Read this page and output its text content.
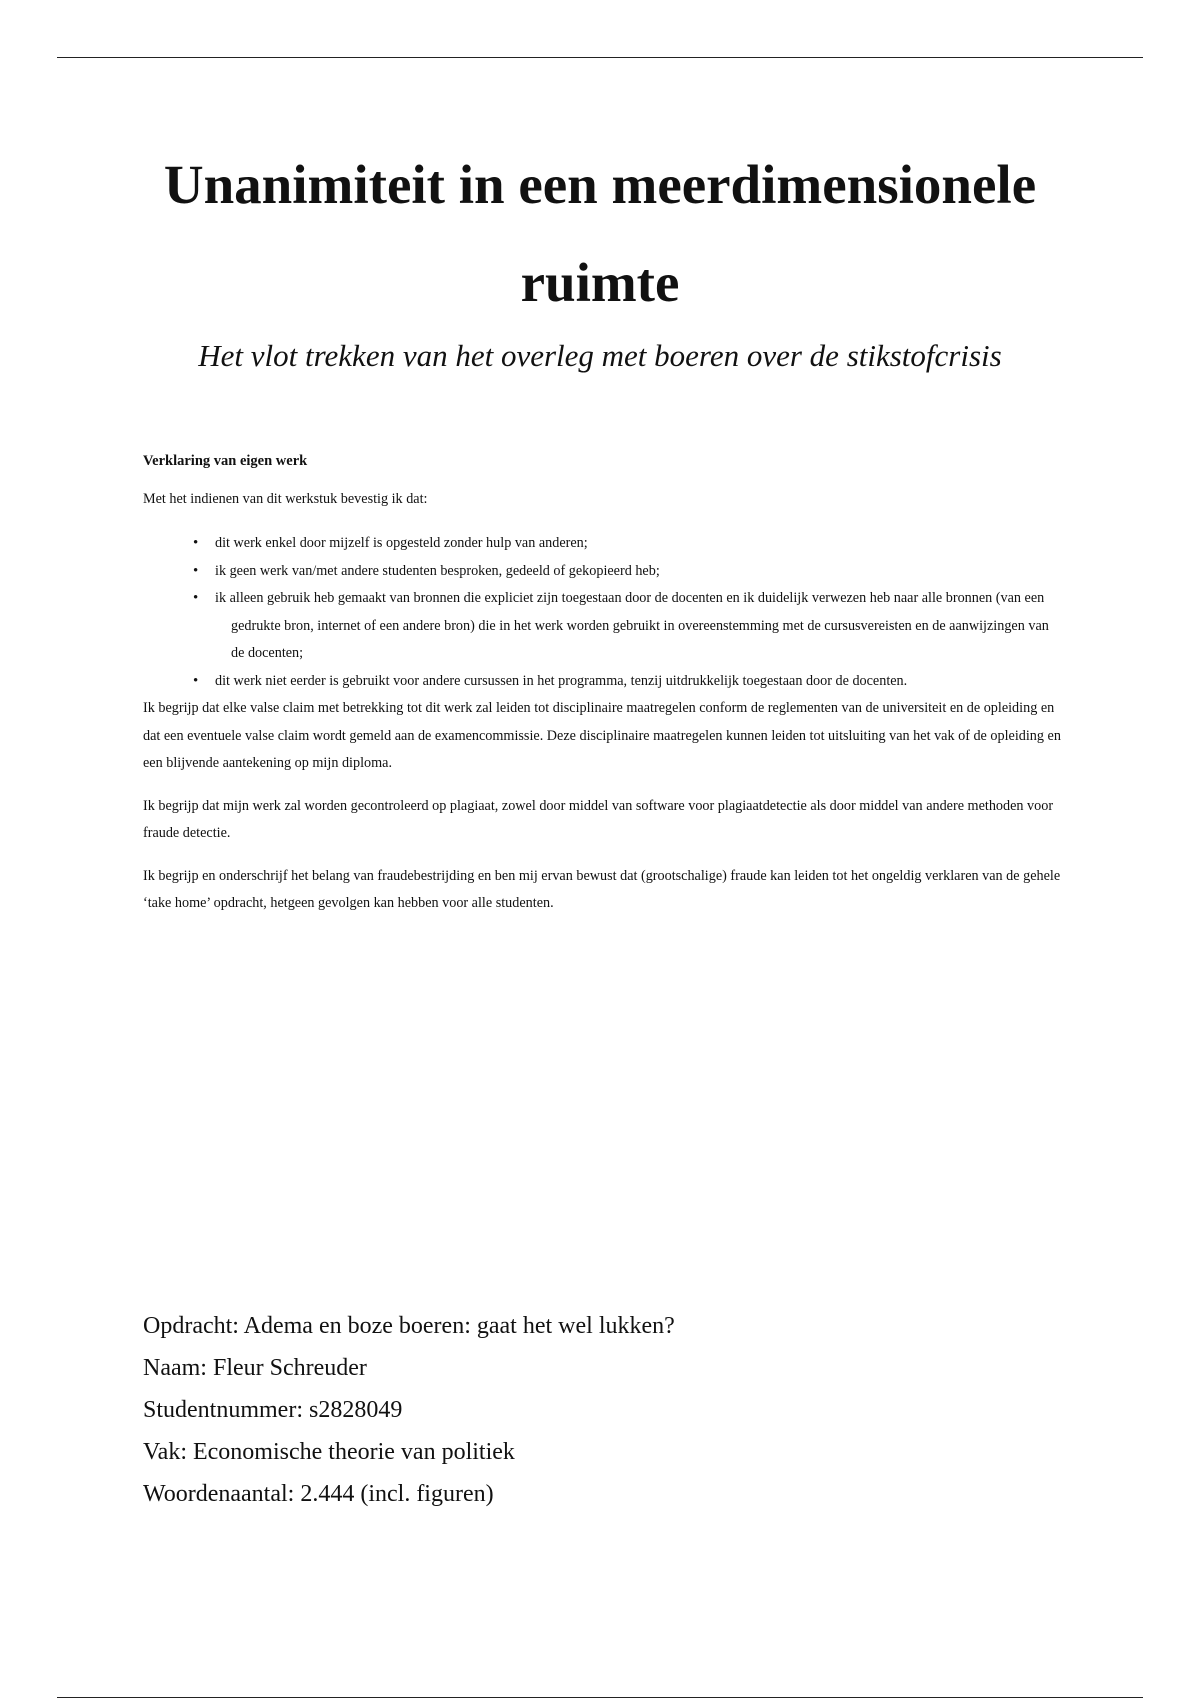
Unanimiteit in een meerdimensionele ruimte

Het vlot trekken van het overleg met boeren over de stikstofcrisis

Verklaring van eigen werk

Met het indienen van dit werkstuk bevestig ik dat:

• dit werk enkel door mijzelf is opgesteld zonder hulp van anderen;
• ik geen werk van/met andere studenten besproken, gedeeld of gekopieerd heb;
• ik alleen gebruik heb gemaakt van bronnen die expliciet zijn toegestaan door de docenten en ik duidelijk verwezen heb naar alle bronnen (van een gedrukte bron, internet of een andere bron) die in het werk worden gebruikt in overeenstemming met de cursusvereisten en de aanwijzingen van de docenten;
• dit werk niet eerder is gebruikt voor andere cursussen in het programma, tenzij uitdrukkelijk toegestaan door de docenten.

Ik begrijp dat elke valse claim met betrekking tot dit werk zal leiden tot disciplinaire maatregelen conform de reglementen van de universiteit en de opleiding en dat een eventuele valse claim wordt gemeld aan de examencommissie. Deze disciplinaire maatregelen kunnen leiden tot uitsluiting van het vak of de opleiding en een blijvende aantekening op mijn diploma.

Ik begrijp dat mijn werk zal worden gecontroleerd op plagiaat, zowel door middel van software voor plagiaatdetectie als door middel van andere methoden voor fraude detectie.

Ik begrijp en onderschrijf het belang van fraudebestrijding en ben mij ervan bewust dat (grootschalige) fraude kan leiden tot het ongeldig verklaren van de gehele ‘take home’ opdracht, hetgeen gevolgen kan hebben voor alle studenten.

Opdracht: Adema en boze boeren: gaat het wel lukken?

Naam: Fleur Schreuder

Studentnummer: s2828049

Vak: Economische theorie van politiek

Woordenaantal: 2.444 (incl. figuren)
